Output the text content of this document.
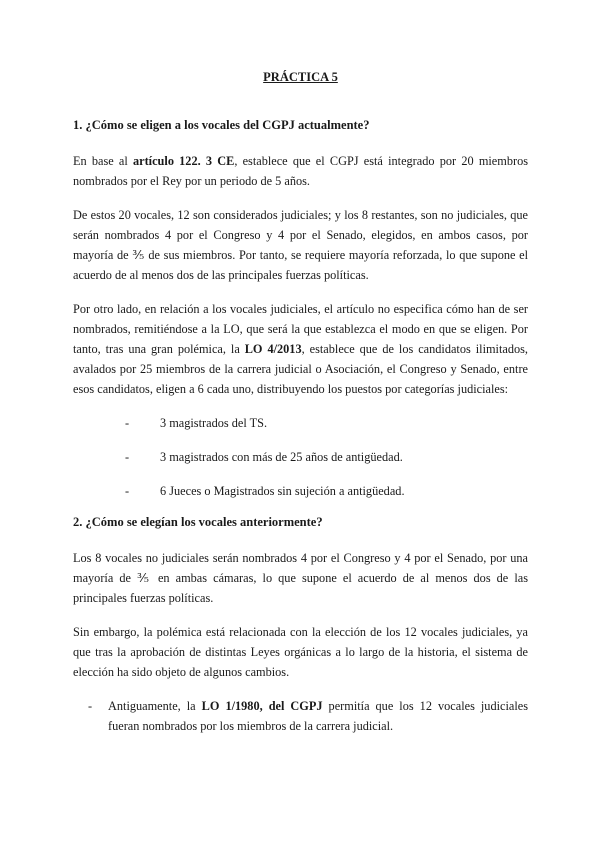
PRÁCTICA 5
1. ¿Cómo se eligen a los vocales del CGPJ actualmente?

En base al artículo 122. 3 CE, establece que el CGPJ está integrado por 20 miembros nombrados por el Rey por un periodo de 5 años.

De estos 20 vocales, 12 son considerados judiciales; y los 8 restantes, son no judiciales, que serán nombrados 4 por el Congreso y 4 por el Senado, elegidos, en ambos casos, por mayoría de ⅗ de sus miembros. Por tanto, se requiere mayoría reforzada, lo que supone el acuerdo de al menos dos de las principales fuerzas políticas.

Por otro lado, en relación a los vocales judiciales, el artículo no especifica cómo han de ser nombrados, remitiéndose a la LO, que será la que establezca el modo en que se eligen. Por tanto, tras una gran polémica, la LO 4/2013, establece que de los candidatos ilimitados, avalados por 25 miembros de la carrera judicial o Asociación, el Congreso y Senado, entre esos candidatos, eligen a 6 cada uno, distribuyendo los puestos por categorías judiciales:

-	3 magistrados del TS.
-	3 magistrados con más de 25 años de antigüedad.
-	6 Jueces o Magistrados sin sujeción a antigüedad.
2. ¿Cómo se elegían los vocales anteriormente?

Los 8 vocales no judiciales serán nombrados 4 por el Congreso y 4 por el Senado, por una mayoría de ⅗ en ambas cámaras, lo que supone el acuerdo de al menos dos de las principales fuerzas políticas.

Sin embargo, la polémica está relacionada con la elección de los 12 vocales judiciales, ya que tras la aprobación de distintas Leyes orgánicas a lo largo de la historia, el sistema de elección ha sido objeto de algunos cambios.

-	Antiguamente, la LO 1/1980, del CGPJ permitía que los 12 vocales judiciales fueran nombrados por los miembros de la carrera judicial.
